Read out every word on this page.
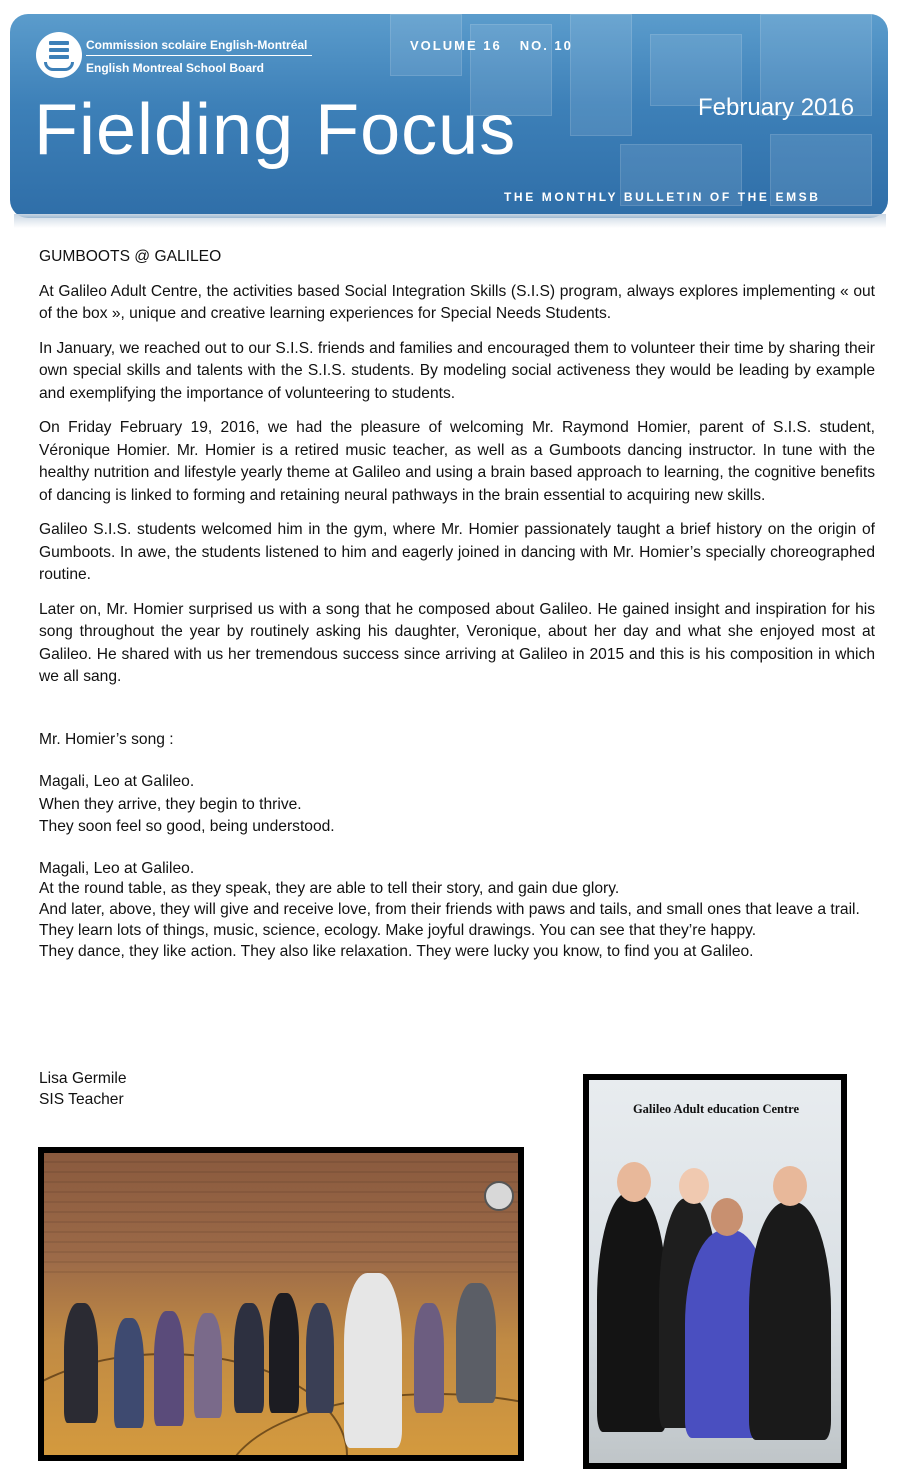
Commission scolaire English-Montréal
English Montreal School Board
VOLUME 16 NO. 10
Fielding Focus	February 2016
THE MONTHLY BULLETIN OF THE EMSB
GUMBOOTS @ GALILEO

At Galileo Adult Centre, the activities based Social Integration Skills (S.I.S) program, always explores implementing « out of the box », unique and creative learning experiences for Special Needs Students.

In January, we reached out to our S.I.S. friends and families and encouraged them to volunteer their time by sharing their own special skills and talents with the S.I.S. students. By modeling social activeness they would be leading by example and exemplifying the importance of volunteering to students.

On Friday February 19, 2016, we had the pleasure of welcoming Mr. Raymond Homier, parent of S.I.S. student, Véronique Homier. Mr. Homier is a retired music teacher, as well as a Gumboots dancing instructor. In tune with the healthy nutrition and lifestyle yearly theme at Galileo and using a brain based approach to learning, the cognitive benefits of dancing is linked to forming and retaining neural pathways in the brain essential to acquiring new skills.

Galileo S.I.S. students welcomed him in the gym, where Mr. Homier passionately taught a brief history on the origin of Gumboots. In awe, the students listened to him and eagerly joined in dancing with Mr. Homier’s specially choreographed routine.

Later on, Mr. Homier surprised us with a song that he composed about Galileo. He gained insight and inspiration for his song throughout the year by routinely asking his daughter, Veronique, about her day and what she enjoyed most at Galileo. He shared with us her tremendous success since arriving at Galileo in 2015 and this is his composition in which we all sang.

Mr. Homier’s song :
Magali, Leo at Galileo.
When they arrive, they begin to thrive.
They soon feel so good, being understood.
Magali, Leo at Galileo.
At the round table, as they speak, they are able to tell their story, and gain due glory.
And later, above, they will give and receive love, from their friends with paws and tails, and small ones that leave a trail.
They learn lots of things, music, science, ecology. Make joyful drawings. You can see that they’re happy.
They dance, they like action. They also like relaxation. They were lucky you know, to find you at Galileo.
Lisa Germile
SIS Teacher
Galileo Adult education Centre
